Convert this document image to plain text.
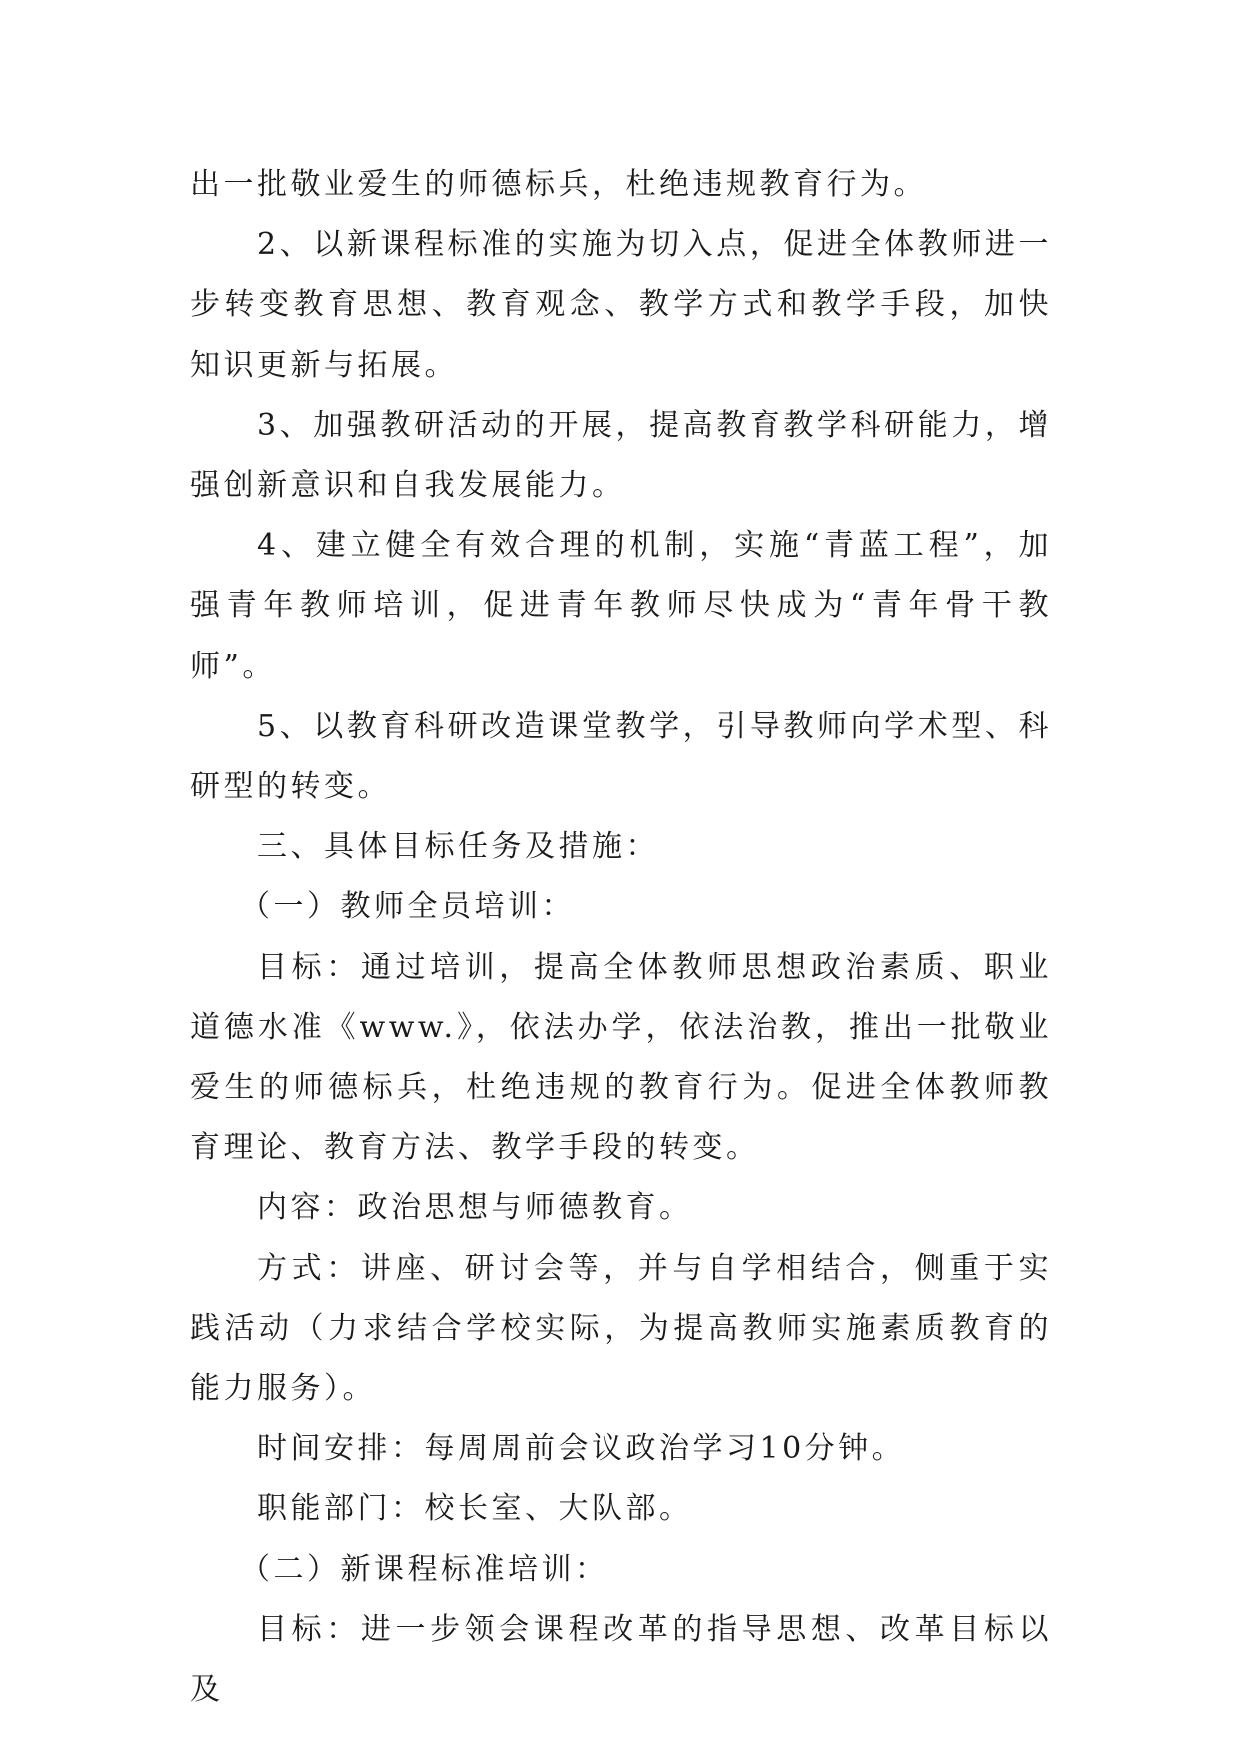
出一批敬业爱生的师德标兵，杜绝违规教育行为。

2、以新课程标准的实施为切入点，促进全体教师进一步转变教育思想、教育观念、教学方式和教学手段，加快知识更新与拓展。

3、加强教研活动的开展，提高教育教学科研能力，增强创新意识和自我发展能力。

4、建立健全有效合理的机制，实施“青蓝工程”，加强青年教师培训，促进青年教师尽快成为“青年骨干教师”。

5、以教育科研改造课堂教学，引导教师向学术型、科研型的转变。

三、具体目标任务及措施：

（一）教师全员培训：

目标：通过培训，提高全体教师思想政治素质、职业道德水准《www.》，依法办学，依法治教，推出一批敬业爱生的师德标兵，杜绝违规的教育行为。促进全体教师教育理论、教育方法、教学手段的转变。

内容：政治思想与师德教育。

方式：讲座、研讨会等，并与自学相结合，侧重于实践活动（力求结合学校实际，为提高教师实施素质教育的能力服务）。

时间安排：每周周前会议政治学习10分钟。

职能部门：校长室、大队部。

（二）新课程标准培训：

目标：进一步领会课程改革的指导思想、改革目标以及
